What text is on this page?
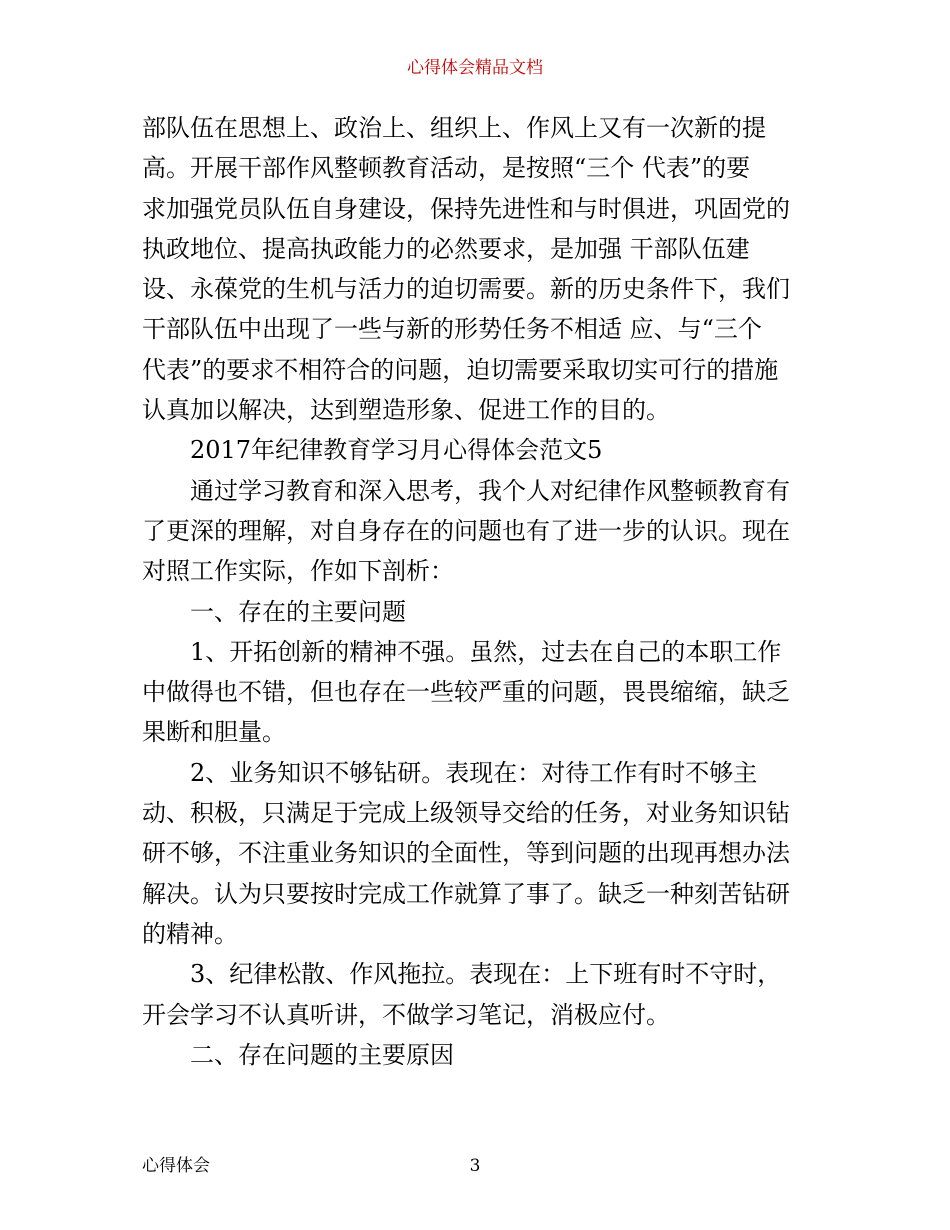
心得体会精品文档
部队伍在思想上、政治上、组织上、作风上又有一次新的提
高。开展干部作风整顿教育活动，是按照“三个 代表”的要
求加强党员队伍自身建设，保持先进性和与时俱进，巩固党的
执政地位、提高执政能力的必然要求，是加强 干部队伍建
设、永葆党的生机与活力的迫切需要。新的历史条件下，我们
干部队伍中出现了一些与新的形势任务不相适 应、与“三个
代表”的要求不相符合的问题，迫切需要采取切实可行的措施
认真加以解决，达到塑造形象、促进工作的目的。
2017年纪律教育学习月心得体会范文5
通过学习教育和深入思考，我个人对纪律作风整顿教育有
了更深的理解，对自身存在的问题也有了进一步的认识。现在
对照工作实际，作如下剖析：
一、存在的主要问题
1、开拓创新的精神不强。虽然，过去在自己的本职工作
中做得也不错，但也存在一些较严重的问题，畏畏缩缩，缺乏
果断和胆量。
2、业务知识不够钻研。表现在：对待工作有时不够主
动、积极，只满足于完成上级领导交给的任务，对业务知识钻
研不够，不注重业务知识的全面性，等到问题的出现再想办法
解决。认为只要按时完成工作就算了事了。缺乏一种刻苦钻研
的精神。
3、纪律松散、作风拖拉。表现在：上下班有时不守时，
开会学习不认真听讲，不做学习笔记，消极应付。
二、存在问题的主要原因
心得体会	3
